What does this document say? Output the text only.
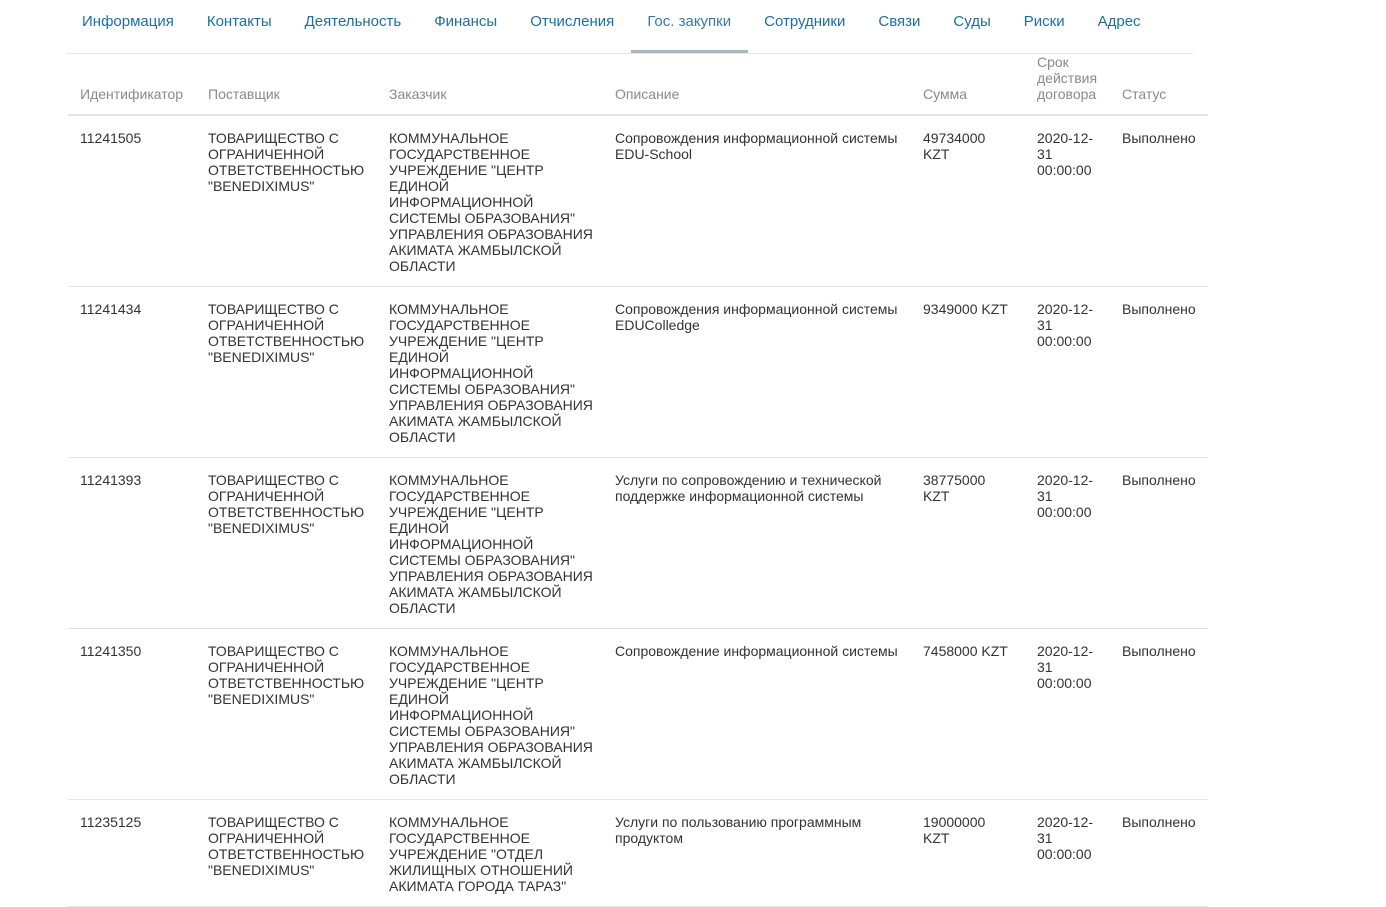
Информация	Контакты	Деятельность	Финансы	Отчисления	Гос. закупки	Сотрудники	Связи	Суды	Риски	Адрес
Идентификатор	Поставщик	Заказчик	Описание	Сумма	Срок действия договора	Статус
11241505	ТОВАРИЩЕСТВО С ОГРАНИЧЕННОЙ ОТВЕТСТВЕННОСТЬЮ "BENEDIXIMUS"	КОММУНАЛЬНОЕ ГОСУДАРСТВЕННОЕ УЧРЕЖДЕНИЕ "ЦЕНТР ЕДИНОЙ ИНФОРМАЦИОННОЙ СИСТЕМЫ ОБРАЗОВАНИЯ" УПРАВЛЕНИЯ ОБРАЗОВАНИЯ АКИМАТА ЖАМБЫЛСКОЙ ОБЛАСТИ	Сопровождения информационной системы EDU-School	49734000 KZT	2020-12-31 00:00:00	Выполнено
11241434	ТОВАРИЩЕСТВО С ОГРАНИЧЕННОЙ ОТВЕТСТВЕННОСТЬЮ "BENEDIXIMUS"	КОММУНАЛЬНОЕ ГОСУДАРСТВЕННОЕ УЧРЕЖДЕНИЕ "ЦЕНТР ЕДИНОЙ ИНФОРМАЦИОННОЙ СИСТЕМЫ ОБРАЗОВАНИЯ" УПРАВЛЕНИЯ ОБРАЗОВАНИЯ АКИМАТА ЖАМБЫЛСКОЙ ОБЛАСТИ	Сопровождения информационной системы EDUColledge	9349000 KZT	2020-12-31 00:00:00	Выполнено
11241393	ТОВАРИЩЕСТВО С ОГРАНИЧЕННОЙ ОТВЕТСТВЕННОСТЬЮ "BENEDIXIMUS"	КОММУНАЛЬНОЕ ГОСУДАРСТВЕННОЕ УЧРЕЖДЕНИЕ "ЦЕНТР ЕДИНОЙ ИНФОРМАЦИОННОЙ СИСТЕМЫ ОБРАЗОВАНИЯ" УПРАВЛЕНИЯ ОБРАЗОВАНИЯ АКИМАТА ЖАМБЫЛСКОЙ ОБЛАСТИ	Услуги по сопровождению и технической поддержке информационной системы	38775000 KZT	2020-12-31 00:00:00	Выполнено
11241350	ТОВАРИЩЕСТВО С ОГРАНИЧЕННОЙ ОТВЕТСТВЕННОСТЬЮ "BENEDIXIMUS"	КОММУНАЛЬНОЕ ГОСУДАРСТВЕННОЕ УЧРЕЖДЕНИЕ "ЦЕНТР ЕДИНОЙ ИНФОРМАЦИОННОЙ СИСТЕМЫ ОБРАЗОВАНИЯ" УПРАВЛЕНИЯ ОБРАЗОВАНИЯ АКИМАТА ЖАМБЫЛСКОЙ ОБЛАСТИ	Сопровождение информационной системы	7458000 KZT	2020-12-31 00:00:00	Выполнено
11235125	ТОВАРИЩЕСТВО С ОГРАНИЧЕННОЙ ОТВЕТСТВЕННОСТЬЮ "BENEDIXIMUS"	КОММУНАЛЬНОЕ ГОСУДАРСТВЕННОЕ УЧРЕЖДЕНИЕ "ОТДЕЛ ЖИЛИЩНЫХ ОТНОШЕНИЙ АКИМАТА ГОРОДА ТАРАЗ"	Услуги по пользованию программным продуктом	19000000 KZT	2020-12-31 00:00:00	Выполнено
